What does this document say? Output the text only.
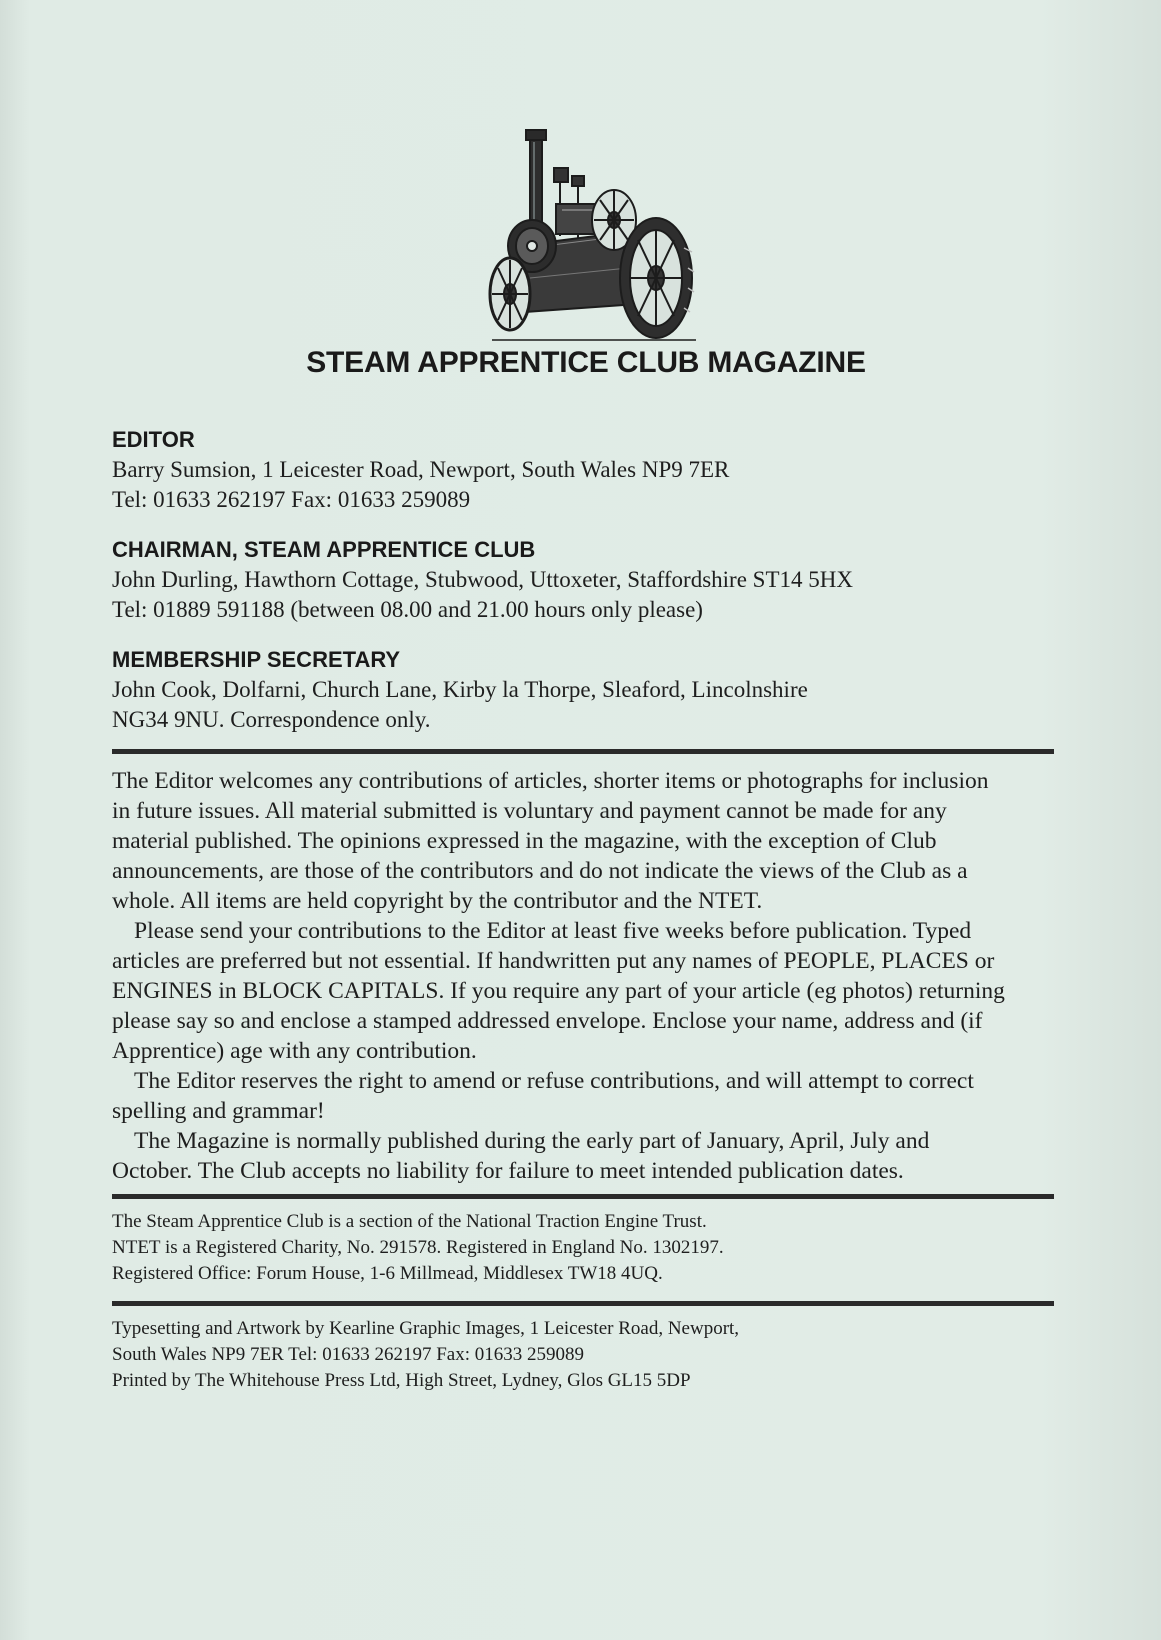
STEAM APPRENTICE CLUB MAGAZINE
EDITOR
Barry Sumsion, 1 Leicester Road, Newport, South Wales NP9 7ER
Tel: 01633 262197 Fax: 01633 259089
CHAIRMAN, STEAM APPRENTICE CLUB
John Durling, Hawthorn Cottage, Stubwood, Uttoxeter, Staffordshire ST14 5HX
Tel: 01889 591188 (between 08.00 and 21.00 hours only please)
MEMBERSHIP SECRETARY
John Cook, Dolfarni, Church Lane, Kirby la Thorpe, Sleaford, Lincolnshire
NG34 9NU. Correspondence only.

The Editor welcomes any contributions of articles, shorter items or photographs for inclusion in future issues. All material submitted is voluntary and payment cannot be made for any material published. The opinions expressed in the magazine, with the exception of Club announcements, are those of the contributors and do not indicate the views of the Club as a whole. All items are held copyright by the contributor and the NTET.

Please send your contributions to the Editor at least five weeks before publication. Typed articles are preferred but not essential. If handwritten put any names of PEOPLE, PLACES or ENGINES in BLOCK CAPITALS. If you require any part of your article (eg photos) returning please say so and enclose a stamped addressed envelope. Enclose your name, address and (if Apprentice) age with any contribution.

The Editor reserves the right to amend or refuse contributions, and will attempt to correct spelling and grammar!

The Magazine is normally published during the early part of January, April, July and October. The Club accepts no liability for failure to meet intended publication dates.

The Steam Apprentice Club is a section of the National Traction Engine Trust.
NTET is a Registered Charity, No. 291578. Registered in England No. 1302197.
Registered Office: Forum House, 1-6 Millmead, Middlesex TW18 4UQ.
Typesetting and Artwork by Kearline Graphic Images, 1 Leicester Road, Newport,
South Wales NP9 7ER Tel: 01633 262197 Fax: 01633 259089
Printed by The Whitehouse Press Ltd, High Street, Lydney, Glos GL15 5DP
